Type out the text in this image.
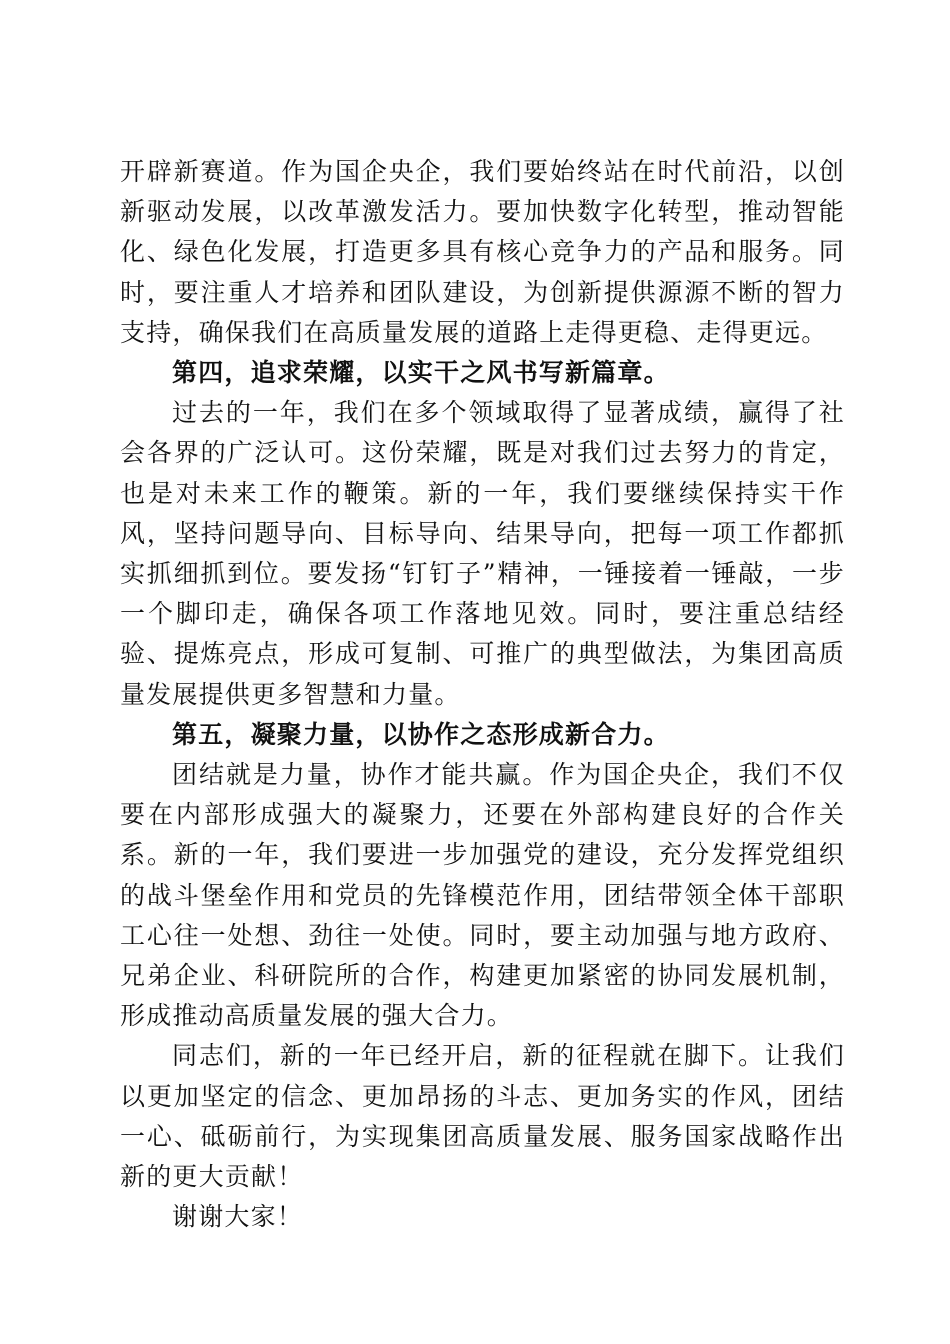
开辟新赛道。作为国企央企，我们要始终站在时代前沿，以创新驱动发展，以改革激发活力。要加快数字化转型，推动智能化、绿色化发展，打造更多具有核心竞争力的产品和服务。同时，要注重人才培养和团队建设，为创新提供源源不断的智力支持，确保我们在高质量发展的道路上走得更稳、走得更远。

第四，追求荣耀，以实干之风书写新篇章。

过去的一年，我们在多个领域取得了显著成绩，赢得了社会各界的广泛认可。这份荣耀，既是对我们过去努力的肯定，也是对未来工作的鞭策。新的一年，我们要继续保持实干作风，坚持问题导向、目标导向、结果导向，把每一项工作都抓实抓细抓到位。要发扬“钉钉子”精神，一锤接着一锤敲，一步一个脚印走，确保各项工作落地见效。同时，要注重总结经验、提炼亮点，形成可复制、可推广的典型做法，为集团高质量发展提供更多智慧和力量。

第五，凝聚力量，以协作之态形成新合力。

团结就是力量，协作才能共赢。作为国企央企，我们不仅要在内部形成强大的凝聚力，还要在外部构建良好的合作关系。新的一年，我们要进一步加强党的建设，充分发挥党组织的战斗堡垒作用和党员的先锋模范作用，团结带领全体干部职工心往一处想、劲往一处使。同时，要主动加强与地方政府、兄弟企业、科研院所的合作，构建更加紧密的协同发展机制，形成推动高质量发展的强大合力。

同志们，新的一年已经开启，新的征程就在脚下。让我们以更加坚定的信念、更加昂扬的斗志、更加务实的作风，团结一心、砥砺前行，为实现集团高质量发展、服务国家战略作出新的更大贡献！

谢谢大家！
